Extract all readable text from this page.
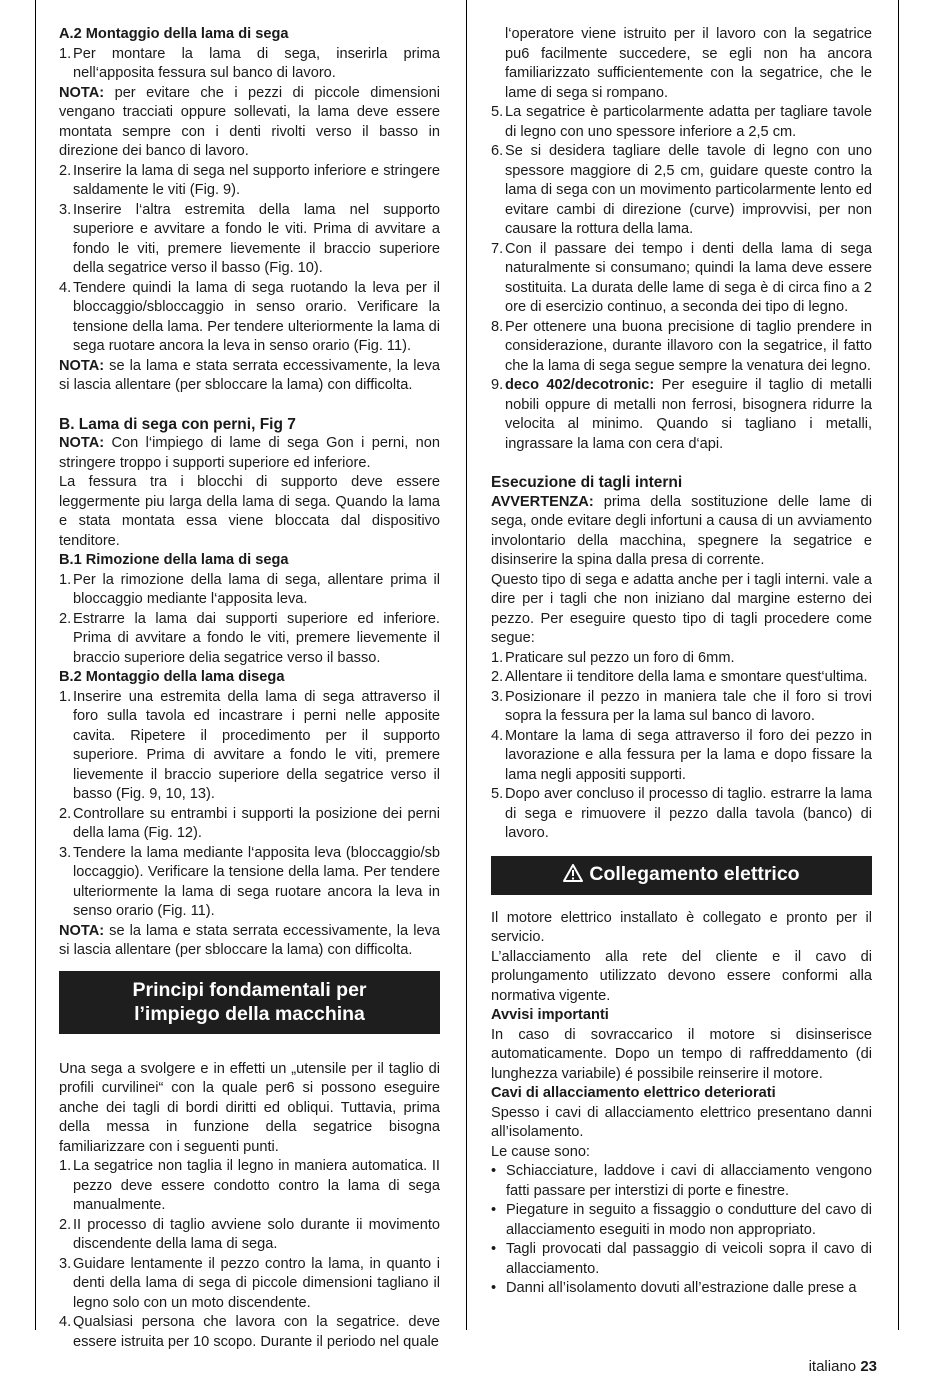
A.2 Montaggio della lama di sega

1. Per montare la lama di sega, inserirla prima nell‘apposita fessura sul banco di lavoro.

NOTA: per evitare che i pezzi di piccole dimensioni vengano tracciati oppure sollevati, la lama deve essere montata sempre con i denti rivolti verso il basso in direzione dei banco di lavoro.

2. Inserire la lama di sega nel supporto inferiore e stringere saldamente le viti (Fig. 9).
3. Inserire l‘altra estremita della lama nel supporto superiore e avvitare a fondo le viti. Prima di avvitare a fondo le viti, premere lievemente il braccio superiore della segatrice verso il basso (Fig. 10).
4. Tendere quindi la lama di sega ruotando la leva per il bloccaggio/sbloccaggio in senso orario. Verificare la tensione della lama. Per tendere ulteriormente la lama di sega ruotare ancora la leva in senso orario (Fig. 11).

NOTA: se la lama e stata serrata eccessivamente, la leva si lascia allentare (per sbloccare la lama) con difficolta.

B. Lama di sega con perni, Fig 7

NOTA: Con l‘impiego di lame di sega Gon i perni, non stringere troppo i supporti superiore ed inferiore.

La fessura tra i blocchi di supporto deve essere leggermente piu larga della lama di sega. Quando la lama e stata montata essa viene bloccata dal dispositivo tenditore.

B.1 Rimozione della lama di sega

1. Per la rimozione della lama di sega, allentare prima il bloccaggio mediante l‘apposita leva.
2. Estrarre la lama dai supporti superiore ed inferiore. Prima di avvitare a fondo le viti, premere lievemente il braccio superiore delia segatrice verso il basso.

B.2 Montaggio della lama disega

1. Inserire una estremita della lama di sega attraverso il foro sulla tavola ed incastrare i perni nelle apposite cavita. Ripetere il procedimento per il supporto superiore. Prima di avvitare a fondo le viti, premere lievemente il braccio superiore della segatrice verso il basso (Fig. 9, 10, 13).
2. Controllare su entrambi i supporti la posizione dei perni della lama (Fig. 12).
3. Tendere la lama mediante l‘apposita leva (bloccaggio/sb loccaggio). Verificare la tensione della lama. Per tendere ulteriormente la lama di sega ruotare ancora la leva in senso orario (Fig. 11).

NOTA: se la lama e stata serrata eccessivamente, la leva si lascia allentare (per sbloccare la lama) con difficolta.

Principi fondamentali per
l’impiego della macchina

Una sega a svolgere e in effetti un „utensile per il taglio di profili curvilinei“ con la quale per6 si possono eseguire anche dei tagli di bordi diritti ed obliqui. Tuttavia, prima della messa in funzione della segatrice bisogna familiarizzare con i seguenti punti.

1. La segatrice non taglia il legno in maniera automatica. II pezzo deve essere condotto contro la lama di sega manualmente.
2. II processo di taglio avviene solo durante ii movimento discendente della lama di sega.
3. Guidare lentamente il pezzo contro la lama, in quanto i denti della lama di sega di piccole dimensioni tagliano il legno solo con un moto discendente.
4. Qualsiasi persona che lavora con la segatrice. deve essere istruita per 10 scopo. Durante il periodo nel quale
l‘operatore viene istruito per il lavoro con la segatrice pu6 facilmente succedere, se egli non ha ancora familiarizzato sufficientemente con la segatrice, che le lame di sega si rompano.
5. La segatrice è particolarmente adatta per tagliare tavole di legno con uno spessore inferiore a 2,5 cm.
6. Se si desidera tagliare delle tavole di legno con uno spessore maggiore di 2,5 cm, guidare queste contro la lama di sega con un movimento particolarmente lento ed evitare cambi di direzione (curve) improvvisi, per non causare la rottura della lama.
7. Con il passare dei tempo i denti della lama di sega naturalmente si consumano; quindi la lama deve essere sostituita. La durata delle lame di sega è di circa fino a 2 ore di esercizio continuo, a seconda dei tipo di legno.
8. Per ottenere una buona precisione di taglio prendere in considerazione, durante illavoro con la segatrice, il fatto che la lama di sega segue sempre la venatura dei legno.
9. deco 402/decotronic: Per eseguire il taglio di metalli nobili oppure di metalli non ferrosi, bisognera ridurre la velocita al minimo. Quando si tagliano i metalli, ingrassare la lama con cera d‘api.

Esecuzione di tagli interni

AVVERTENZA: prima della sostituzione delle lame di sega, onde evitare degli infortuni a causa di un avviamento involontario della macchina, spegnere la segatrice e disinserire la spina dalla presa di corrente.

Questo tipo di sega e adatta anche per i tagli interni. vale a dire per i tagli che non iniziano dal margine esterno dei pezzo. Per eseguire questo tipo di tagli procedere come segue:

1. Praticare sul pezzo un foro di 6mm.
2. Allentare ii tenditore della lama e smontare quest‘ultima.
3. Posizionare il pezzo in maniera tale che il foro si trovi sopra la fessura per la lama sul banco di lavoro.
4. Montare la lama di sega attraverso il foro dei pezzo in lavorazione e alla fessura per la lama e dopo fissare la lama negli appositi supporti.
5. Dopo aver concluso il processo di taglio. estrarre la lama di sega e rimuovere il pezzo dalla tavola (banco) di lavoro.
Collegamento elettrico

Il motore elettrico installato è collegato e pronto per il servicio.

L’allacciamento alla rete del cliente e il cavo di prolungamento utilizzato devono essere conformi alla normativa vigente.

Avvisi importanti

In caso di sovraccarico il motore si disinserisce automaticamente. Dopo un tempo di raffreddamento (di lunghezza variabile) é possibile reinserire il motore.

Cavi di allacciamento elettrico deteriorati

Spesso i cavi di allacciamento elettrico presentano danni all’isolamento.

Le cause sono:

• Schiacciature, laddove i cavi di allacciamento vengono fatti passare per interstizi di porte e finestre.
• Piegature in seguito a fissaggio o condutture del cavo di allacciamento eseguiti in modo non appropriato.
• Tagli provocati dal passaggio di veicoli sopra il cavo di allacciamento.
• Danni all’isolamento dovuti all’estrazione dalle prese a
italiano 23
